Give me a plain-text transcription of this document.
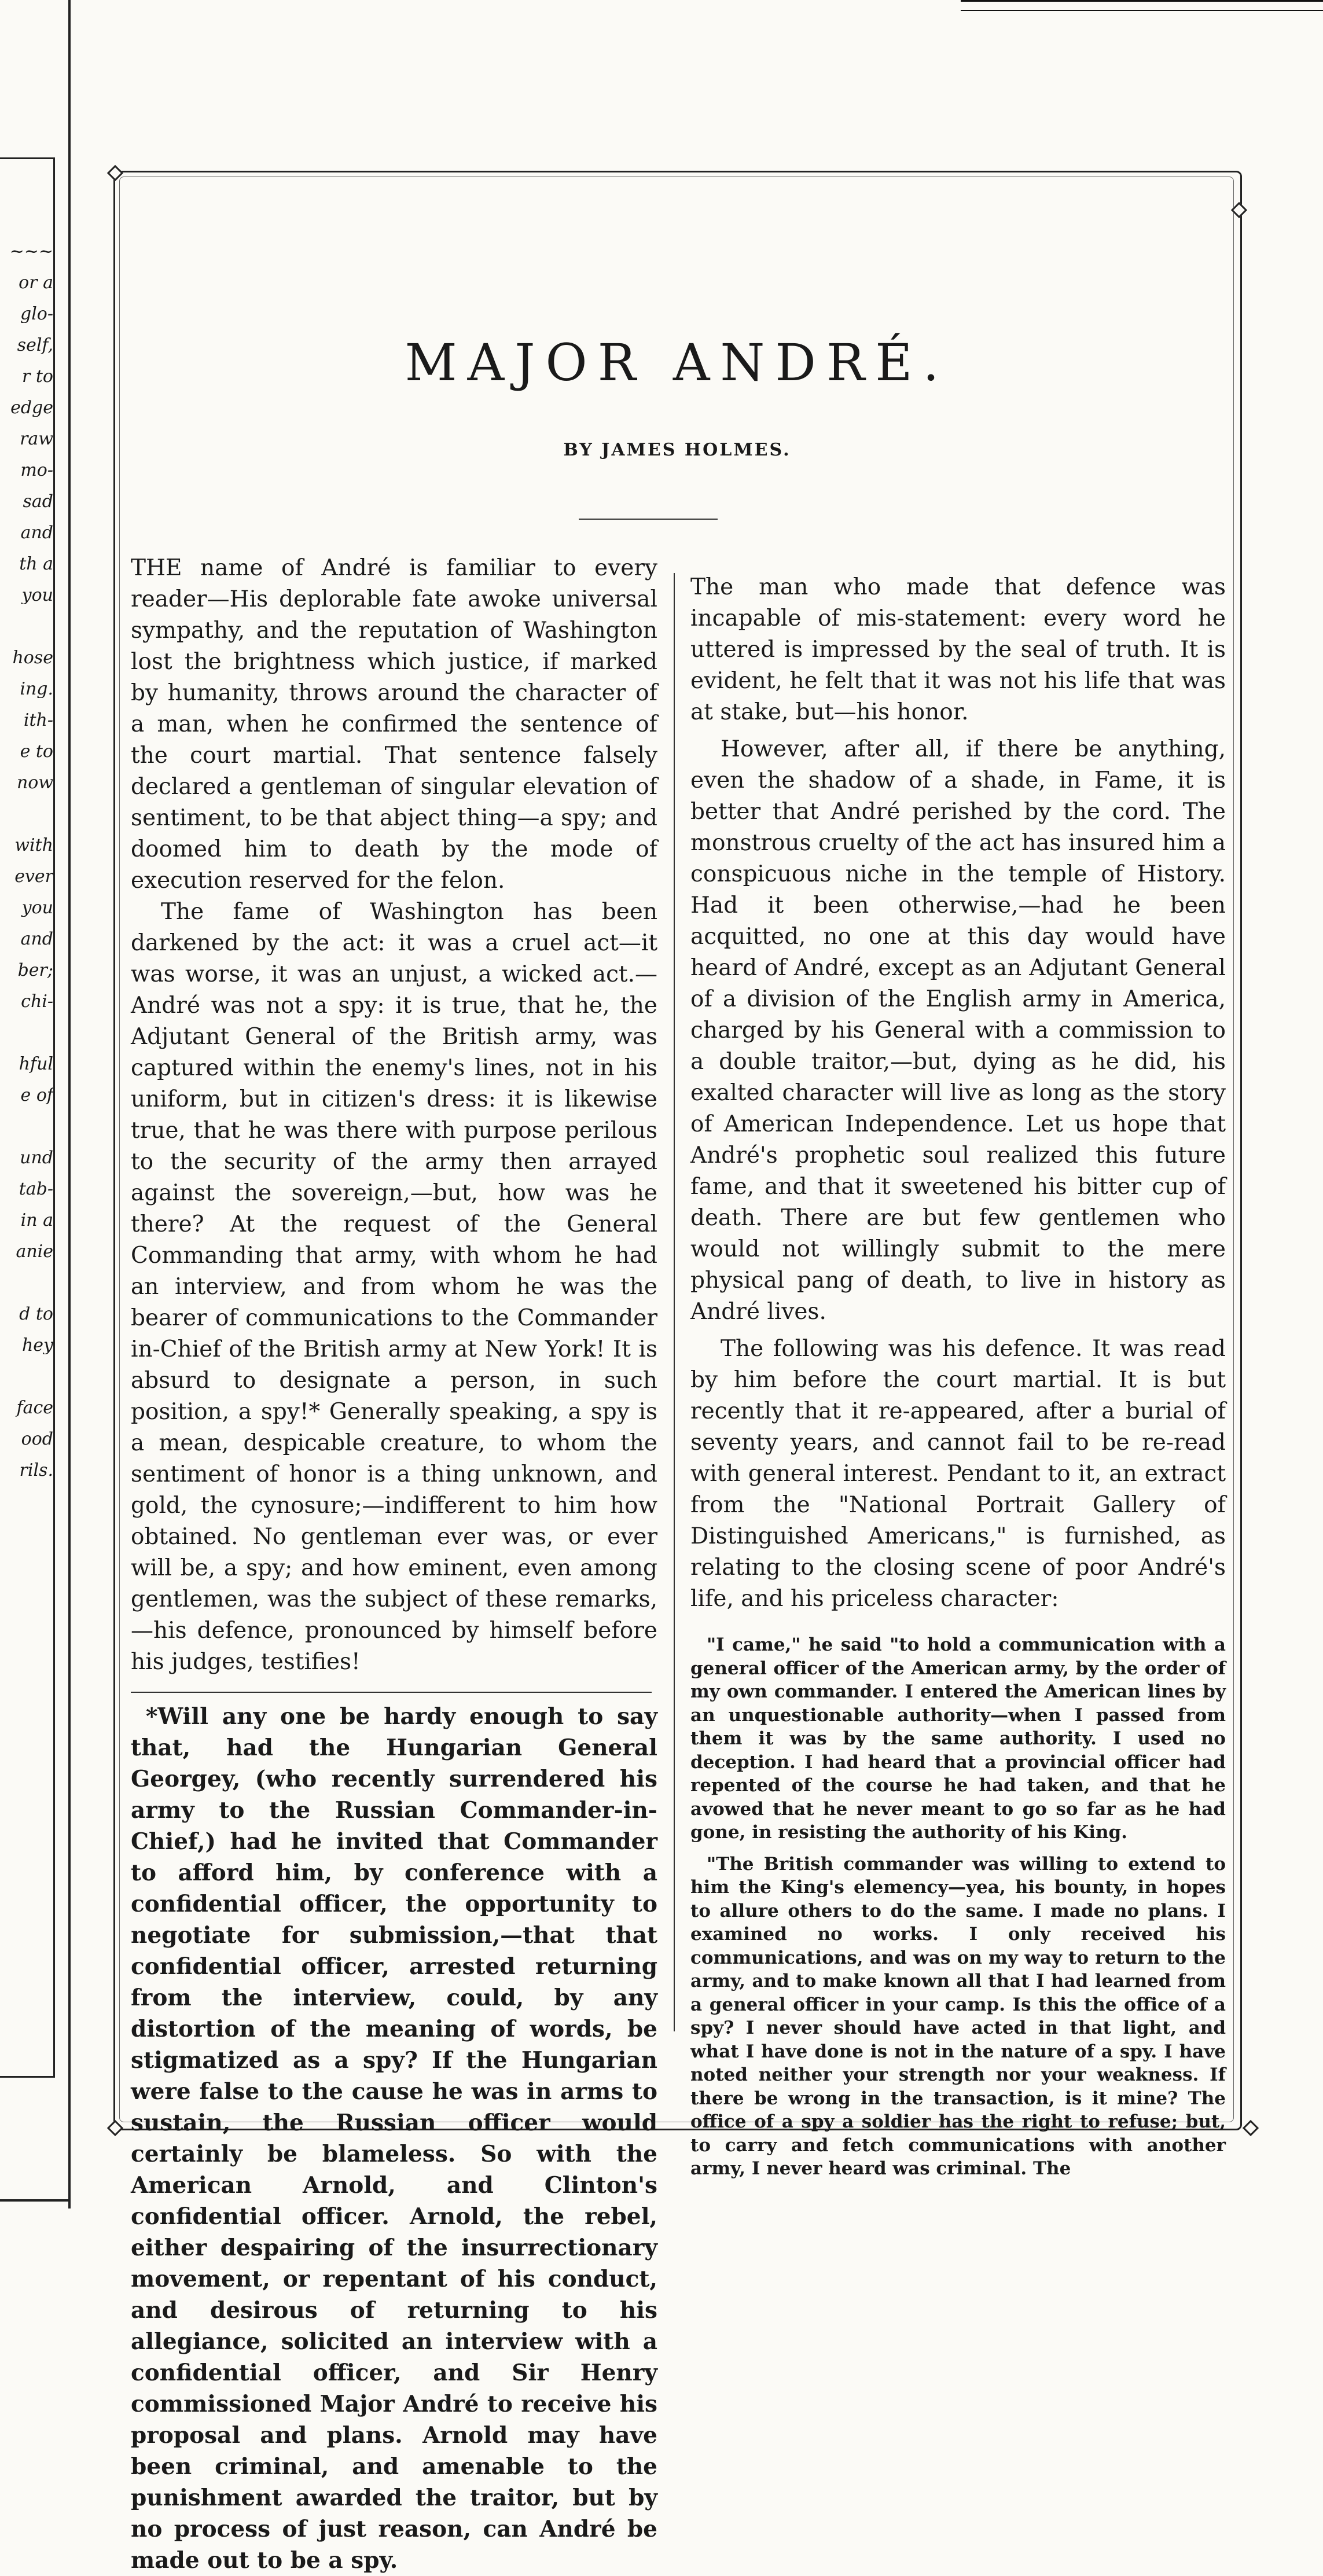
~~~
or a
glo-
self,
r to
edge
raw
mo-
sad
and
th a
you
hose
ing.
ith-
e to
now
with
ever
you
and
ber;
chi-
hful
e of
und
tab-
in a
anie
d to
hey
face
ood
rils.
MAJOR ANDRÉ.
BY JAMES HOLMES.

THE name of André is familiar to every reader—His deplorable fate awoke universal sympathy, and the reputation of Washington lost the brightness which justice, if marked by humanity, throws around the character of a man, when he confirmed the sentence of the court martial. That sentence falsely declared a gentleman of singular elevation of sentiment, to be that abject thing—a spy; and doomed him to death by the mode of execution reserved for the felon.

The fame of Washington has been darkened by the act: it was a cruel act—it was worse, it was an unjust, a wicked act.—André was not a spy: it is true, that he, the Adjutant General of the British army, was captured within the enemy's lines, not in his uniform, but in citizen's dress: it is likewise true, that he was there with purpose perilous to the security of the army then arrayed against the sovereign,—but, how was he there? At the request of the General Commanding that army, with whom he had an interview, and from whom he was the bearer of communications to the Commander in-Chief of the British army at New York! It is absurd to designate a person, in such position, a spy!* Generally speaking, a spy is a mean, despicable creature, to whom the sentiment of honor is a thing unknown, and gold, the cynosure;—indifferent to him how obtained. No gentleman ever was, or ever will be, a spy; and how eminent, even among gentlemen, was the subject of these remarks,—his defence, pronounced by himself before his judges, testifies!

*Will any one be hardy enough to say that, had the Hungarian General Georgey, (who recently surrendered his army to the Russian Commander-in-Chief,) had he invited that Commander to afford him, by conference with a confidential officer, the opportunity to negotiate for submission,—that that confidential officer, arrested returning from the interview, could, by any distortion of the meaning of words, be stigmatized as a spy? If the Hungarian were false to the cause he was in arms to sustain, the Russian officer would certainly be blameless. So with the American Arnold, and Clinton's confidential officer. Arnold, the rebel, either despairing of the insurrectionary movement, or repentant of his conduct, and desirous of returning to his allegiance, solicited an interview with a confidential officer, and Sir Henry commissioned Major André to receive his proposal and plans. Arnold may have been criminal, and amenable to the punishment awarded the traitor, but by no process of just reason, can André be made out to be a spy.

The man who made that defence was incapable of mis-statement: every word he uttered is impressed by the seal of truth. It is evident, he felt that it was not his life that was at stake, but—his honor.

However, after all, if there be anything, even the shadow of a shade, in Fame, it is better that André perished by the cord. The monstrous cruelty of the act has insured him a conspicuous niche in the temple of History. Had it been otherwise,—had he been acquitted, no one at this day would have heard of André, except as an Adjutant General of a division of the English army in America, charged by his General with a commission to a double traitor,—but, dying as he did, his exalted character will live as long as the story of American Independence. Let us hope that André's prophetic soul realized this future fame, and that it sweetened his bitter cup of death. There are but few gentlemen who would not willingly submit to the mere physical pang of death, to live in history as André lives.

The following was his defence. It was read by him before the court martial. It is but recently that it re-appeared, after a burial of seventy years, and cannot fail to be re-read with general interest. Pendant to it, an extract from the "National Portrait Gallery of Distinguished Americans," is furnished, as relating to the closing scene of poor André's life, and his priceless character:

"I came," he said "to hold a communication with a general officer of the American army, by the order of my own commander. I entered the American lines by an unquestionable authority—when I passed from them it was by the same authority. I used no deception. I had heard that a provincial officer had repented of the course he had taken, and that he avowed that he never meant to go so far as he had gone, in resisting the authority of his King.

"The British commander was willing to extend to him the King's elemency—yea, his bounty, in hopes to allure others to do the same. I made no plans. I examined no works. I only received his communications, and was on my way to return to the army, and to make known all that I had learned from a general officer in your camp. Is this the office of a spy? I never should have acted in that light, and what I have done is not in the nature of a spy. I have noted neither your strength nor your weakness. If there be wrong in the transaction, is it mine? The office of a spy a soldier has the right to refuse; but, to carry and fetch communications with another army, I never heard was criminal. The
